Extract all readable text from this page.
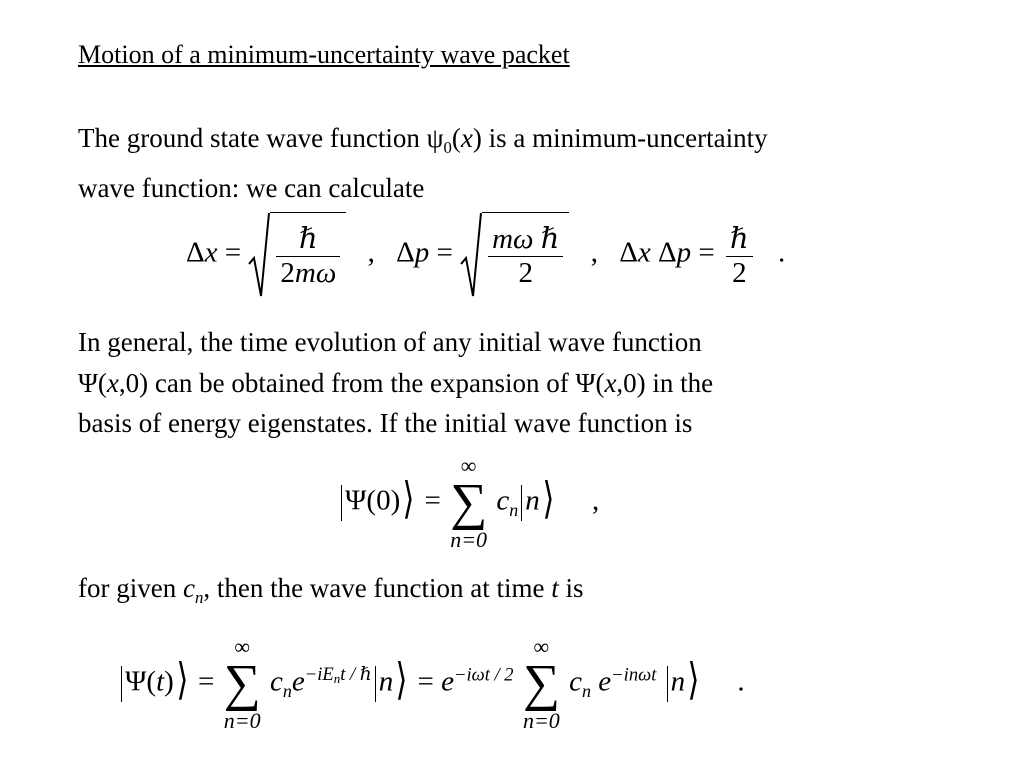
Motion of a minimum-uncertainty wave packet
The ground state wave function $\psi_0(x)$ is a minimum-uncertainty
wave function: we can calculate
$\Delta x = \frac{\text{ℏ}}{2m\omega}$ , $\Delta p = \frac{\text{mω ℏ}}{2}$ , Δx $\Delta p = \frac{\text{ℏ}}{2}$ .
In general, the time evolution of any initial wave function
Ψ(x,0) can be obtained from the expansion of Ψ(x,0) in the
basis of energy eigenstates. If the initial wave function is
Ψ(0)⟩ =
∞
∑
n=0
$c_n$ n⟩ ,
for given $c_n$, then the wave function at time t is
Ψ(t)⟩ =
∞
∑
n=0
$c_ne^{-iEnt / \hbar}$ n⟩ = $e^{-i\omega t / 2}$
∞
∑
n=0
$c_n$ $e^{-in\omega t}$ n⟩ .
